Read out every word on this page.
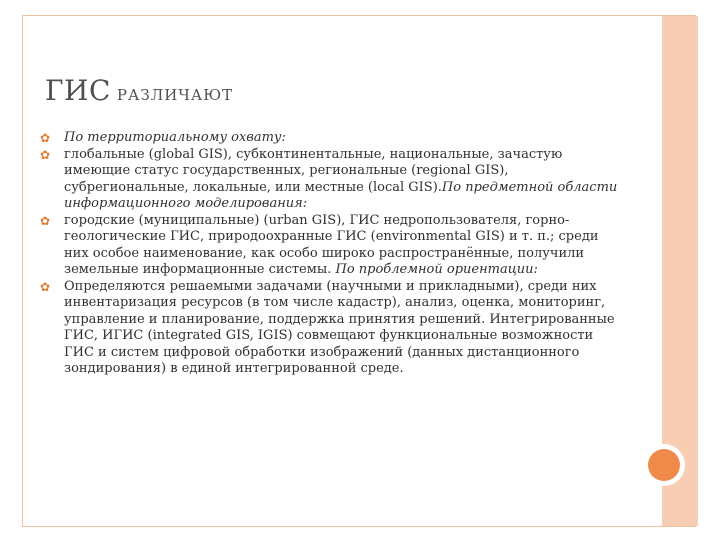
ГИС РАЗЛИЧАЮТ
✿ По территориальному охвату:
✿ глобальные (global GIS), субконтинентальные, национальные, зачастую имеющие статус государственных, региональные (regional GIS), субрегиональные, локальные, или местные (local GIS).По предметной области информационного моделирования:
✿ городские (муниципальные) (urban GIS), ГИС недропользователя, горно-геологические ГИС, природоохранные ГИС (environmental GIS) и т. п.; среди них особое наименование, как особо широко распространённые, получили земельные информационные системы. По проблемной ориентации:
✿ Определяются решаемыми задачами (научными и прикладными), среди них инвентаризация ресурсов (в том числе кадастр), анализ, оценка, мониторинг, управление и планирование, поддержка принятия решений. Интегрированные ГИС, ИГИС (integrated GIS, IGIS) совмещают функциональные возможности ГИС и систем цифровой обработки изображений (данных дистанционного зондирования) в единой интегрированной среде.
